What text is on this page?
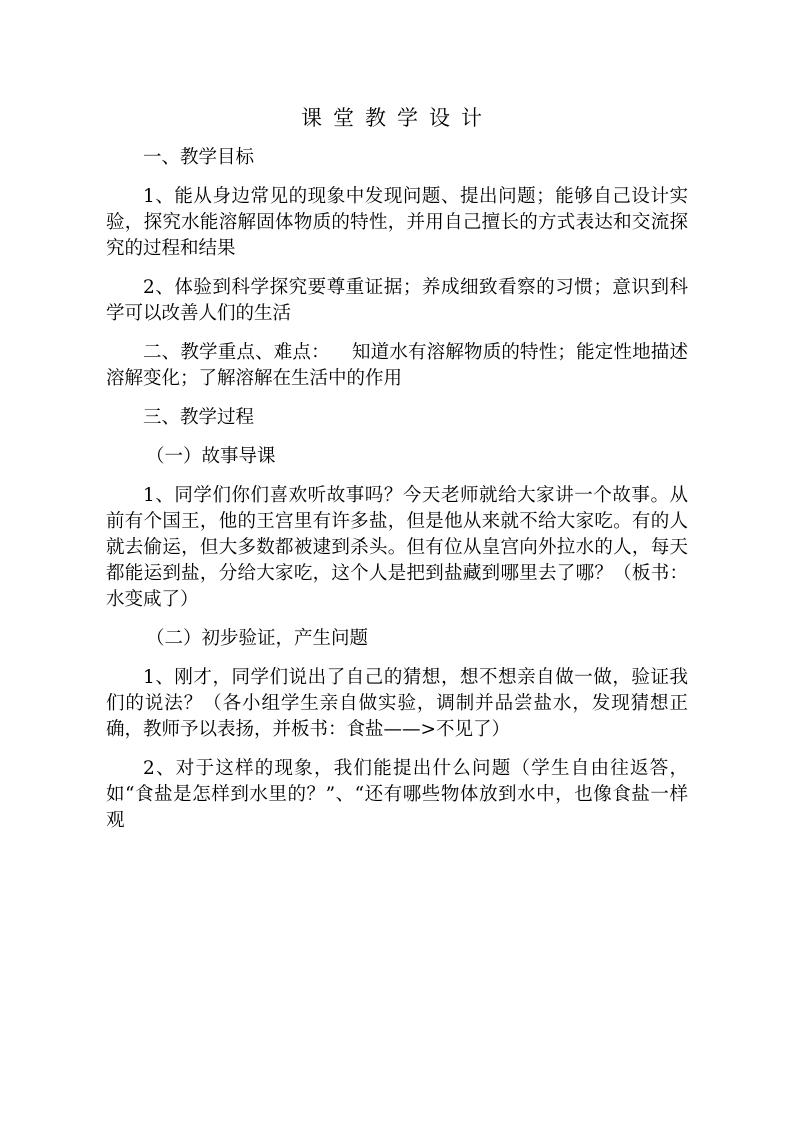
课堂教学设计

一、教学目标

1、能从身边常见的现象中发现问题、提出问题；能够自己设计实验，探究水能溶解固体物质的特性，并用自己擅长的方式表达和交流探究的过程和结果

2、体验到科学探究要尊重证据；养成细致看察的习惯；意识到科学可以改善人们的生活

二、教学重点、难点： 知道水有溶解物质的特性；能定性地描述溶解变化；了解溶解在生活中的作用

三、教学过程

（一）故事导课

1、同学们你们喜欢听故事吗？今天老师就给大家讲一个故事。从前有个国王，他的王宫里有许多盐，但是他从来就不给大家吃。有的人就去偷运，但大多数都被逮到杀头。但有位从皇宫向外拉水的人，每天都能运到盐，分给大家吃，这个人是把到盐藏到哪里去了哪？（板书：水变咸了）

（二）初步验证，产生问题

1、刚才，同学们说出了自己的猜想，想不想亲自做一做，验证我们的说法？（各小组学生亲自做实验，调制并品尝盐水，发现猜想正确，教师予以表扬，并板书：食盐——>不见了）

2、对于这样的现象，我们能提出什么问题（学生自由往返答，如“食盐是怎样到水里的？”、“还有哪些物体放到水中，也像食盐一样观
